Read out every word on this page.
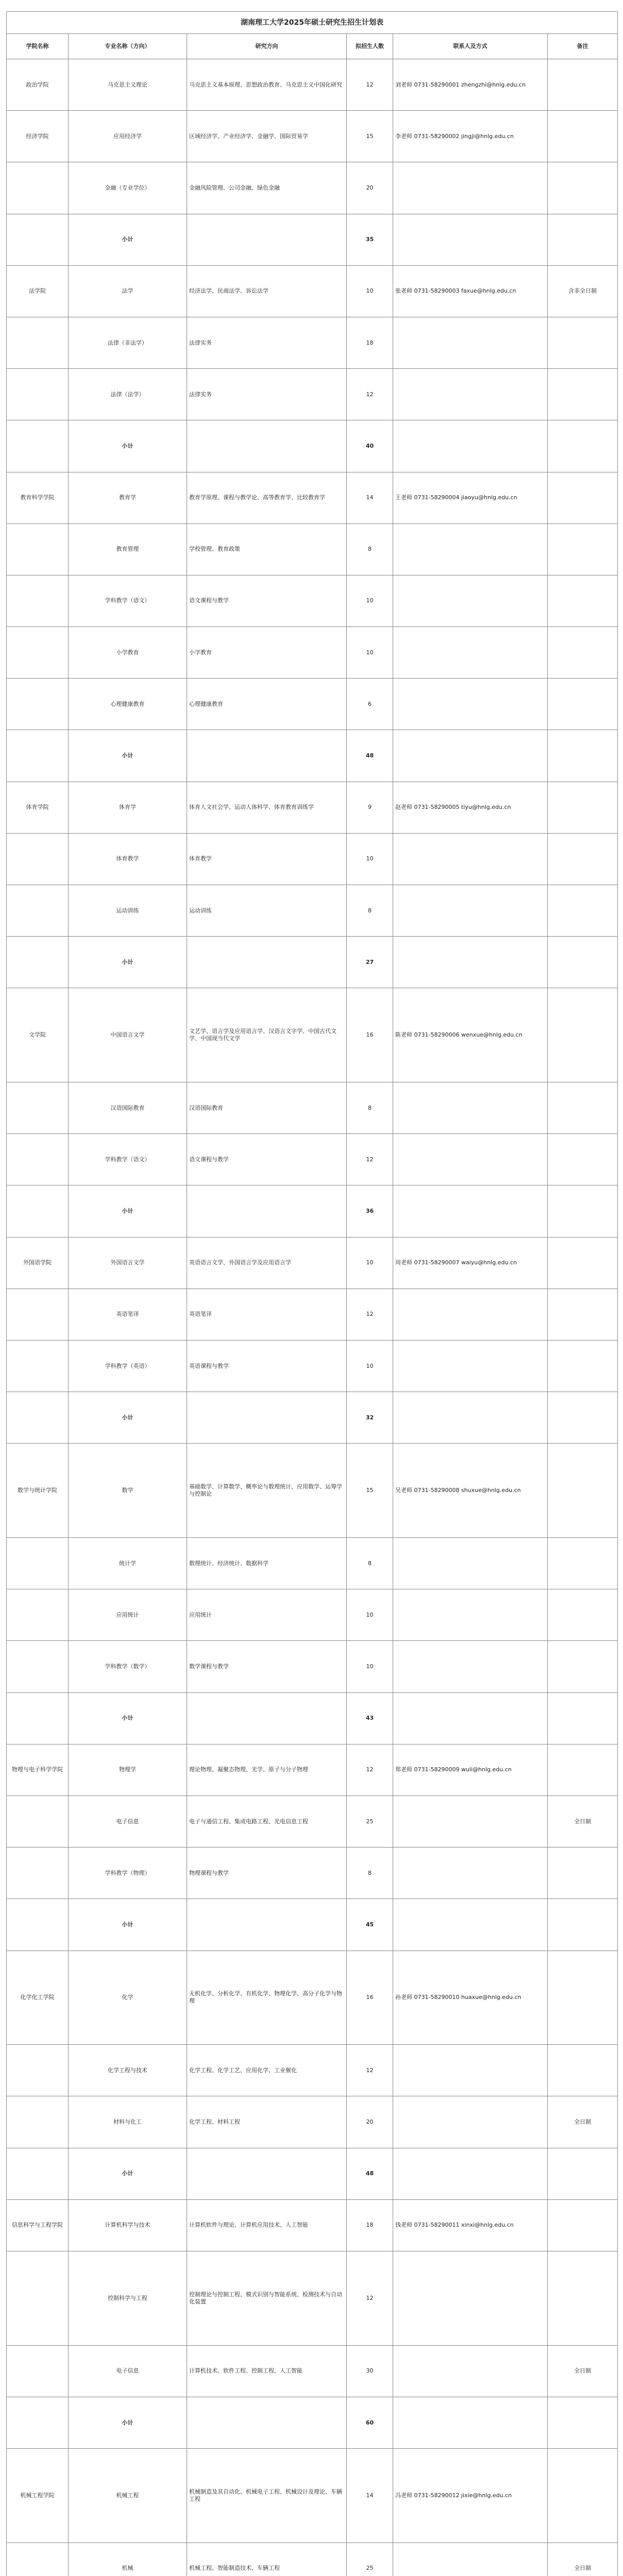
湖南理工大学2025年硕士研究生招生计划表					
学院名称	专业名称（方向）	研究方向	拟招生人数	联系人及方式	备注
政治学院	马克思主义理论	马克思主义基本原理、思想政治教育、马克思主义中国化研究	12	刘老师 0731-58290001 zhengzhi@hnlg.edu.cn	
经济学院	应用经济学	区域经济学、产业经济学、金融学、国际贸易学	15	李老师 0731-58290002 jingji@hnlg.edu.cn	
	金融（专业学位）	金融风险管理、公司金融、绿色金融	20		
	小计		35		
法学院	法学	经济法学、民商法学、诉讼法学	10	张老师 0731-58290003 faxue@hnlg.edu.cn	含非全日制
	法律（非法学）	法律实务	18		
	法律（法学）	法律实务	12		
	小计		40		
教育科学学院	教育学	教育学原理、课程与教学论、高等教育学、比较教育学	14	王老师 0731-58290004 jiaoyu@hnlg.edu.cn	
	教育管理	学校管理、教育政策	8		
	学科教学（语文）	语文课程与教学	10		
	小学教育	小学教育	10		
	心理健康教育	心理健康教育	6		
	小计		48		
体育学院	体育学	体育人文社会学、运动人体科学、体育教育训练学	9	赵老师 0731-58290005 tiyu@hnlg.edu.cn	
	体育教学	体育教学	10		
	运动训练	运动训练	8		
	小计		27		
文学院	中国语言文学	文艺学、语言学及应用语言学、汉语言文字学、中国古代文学、中国现当代文学	16	陈老师 0731-58290006 wenxue@hnlg.edu.cn	
	汉语国际教育	汉语国际教育	8		
	学科教学（语文）	语文课程与教学	12		
	小计		36		
外国语学院	外国语言文学	英语语言文学、外国语言学及应用语言学	10	周老师 0731-58290007 waiyu@hnlg.edu.cn	
	英语笔译	英语笔译	12		
	学科教学（英语）	英语课程与教学	10		
	小计		32		
数学与统计学院	数学	基础数学、计算数学、概率论与数理统计、应用数学、运筹学与控制论	15	吴老师 0731-58290008 shuxue@hnlg.edu.cn	
	统计学	数理统计、经济统计、数据科学	8		
	应用统计	应用统计	10		
	学科教学（数学）	数学课程与教学	10		
	小计		43		
物理与电子科学学院	物理学	理论物理、凝聚态物理、光学、原子与分子物理	12	郑老师 0731-58290009 wuli@hnlg.edu.cn	
	电子信息	电子与通信工程、集成电路工程、光电信息工程	25		全日制
	学科教学（物理）	物理课程与教学	8		
	小计		45		
化学化工学院	化学	无机化学、分析化学、有机化学、物理化学、高分子化学与物理	16	孙老师 0731-58290010 huaxue@hnlg.edu.cn	
	化学工程与技术	化学工程、化学工艺、应用化学、工业催化	12		
	材料与化工	化学工程、材料工程	20		全日制
	小计		48		
信息科学与工程学院	计算机科学与技术	计算机软件与理论、计算机应用技术、人工智能	18	钱老师 0731-58290011 xinxi@hnlg.edu.cn	
	控制科学与工程	控制理论与控制工程、模式识别与智能系统、检测技术与自动化装置	12		
	电子信息	计算机技术、软件工程、控制工程、人工智能	30		全日制
	小计		60		
机械工程学院	机械工程	机械制造及其自动化、机械电子工程、机械设计及理论、车辆工程	14	冯老师 0731-58290012 jixie@hnlg.edu.cn	
	机械	机械工程、智能制造技术、车辆工程	25		全日制
